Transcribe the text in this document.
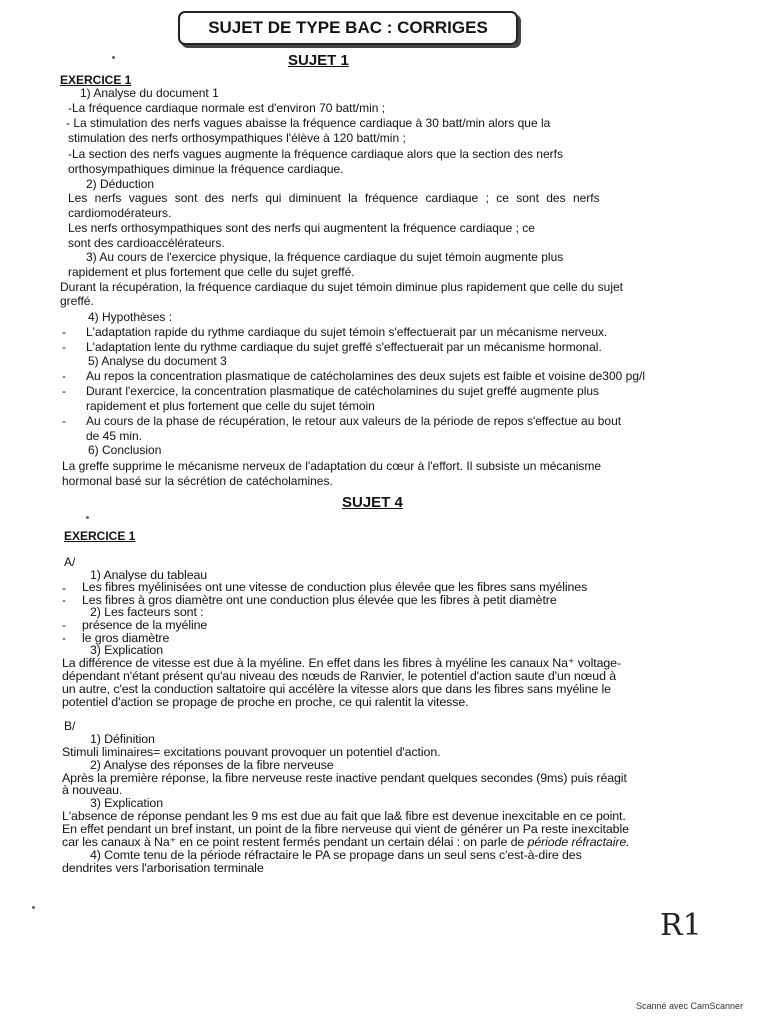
SUJET DE TYPE BAC : CORRIGES
SUJET 1
EXERCICE 1
1) Analyse du document 1
-La fréquence cardiaque normale est d'environ 70 batt/min ;
- La stimulation des nerfs vagues abaisse la fréquence cardiaque à 30 batt/min alors que la
stimulation des nerfs orthosympathiques l'élève à 120 batt/min ;
-La section des nerfs vagues augmente la fréquence cardiaque alors que la section des nerfs
orthosympathiques diminue la fréquence cardiaque.
2) Déduction
Les nerfs vagues sont des nerfs qui diminuent la fréquence cardiaque ; ce sont des nerfs
cardiomodérateurs.
Les nerfs orthosympathiques sont des nerfs qui augmentent la fréquence cardiaque ; ce
sont des cardioaccélérateurs.
3) Au cours de l'exercice physique, la fréquence cardiaque du sujet témoin augmente plus
rapidement et plus fortement que celle du sujet greffé.
Durant la récupération, la fréquence cardiaque du sujet témoin diminue plus rapidement que celle du sujet
greffé.
4) Hypothèses :
- L'adaptation rapide du rythme cardiaque du sujet témoin s'effectuerait par un mécanisme nerveux.
- L'adaptation lente du rythme cardiaque du sujet greffé s'effectuerait par un mécanisme hormonal.
5) Analyse du document 3
- Au repos la concentration plasmatique de catécholamines des deux sujets est faible et voisine de300 pg/l
- Durant l'exercice, la concentration plasmatique de catécholamines du sujet greffé augmente plus
rapidement et plus fortement que celle du sujet témoin
- Au cours de la phase de récupération, le retour aux valeurs de la période de repos s'effectue au bout
de 45 min.
6) Conclusion
La greffe supprime le mécanisme nerveux de l'adaptation du cœur à l'effort. Il subsiste un mécanisme
hormonal basé sur la sécrétion de catécholamines.
SUJET 4
EXERCICE 1
A/
1) Analyse du tableau
- Les fibres myélinisées ont une vitesse de conduction plus élevée que les fibres sans myélines
- Les fibres à gros diamètre ont une conduction plus élevée que les fibres à petit diamètre
2) Les facteurs sont :
- présence de la myéline
- le gros diamètre
3) Explication
La différence de vitesse est due à la myéline. En effet dans les fibres à myéline les canaux Na⁺ voltage-
dépendant n'étant présent qu'au niveau des nœuds de Ranvier, le potentiel d'action saute d'un nœud à
un autre, c'est la conduction saltatoire qui accélère la vitesse alors que dans les fibres sans myéline le
potentiel d'action se propage de proche en proche, ce qui ralentit la vitesse.
B/
1) Définition
Stimuli liminaires= excitations pouvant provoquer un potentiel d'action.
2) Analyse des réponses de la fibre nerveuse
Après la première réponse, la fibre nerveuse reste inactive pendant quelques secondes (9ms) puis réagit
à nouveau.
3) Explication
L'absence de réponse pendant les 9 ms est due au fait que la& fibre est devenue inexcitable en ce point.
En effet pendant un bref instant, un point de la fibre nerveuse qui vient de générer un Pa reste inexcitable
car les canaux à Na⁺ en ce point restent fermés pendant un certain délai : on parle de période réfractaire.
4) Comte tenu de la période réfractaire le PA se propage dans un seul sens c'est-à-dire des
dendrites vers l'arborisation terminale
R1
Scanné avec CamScanner
